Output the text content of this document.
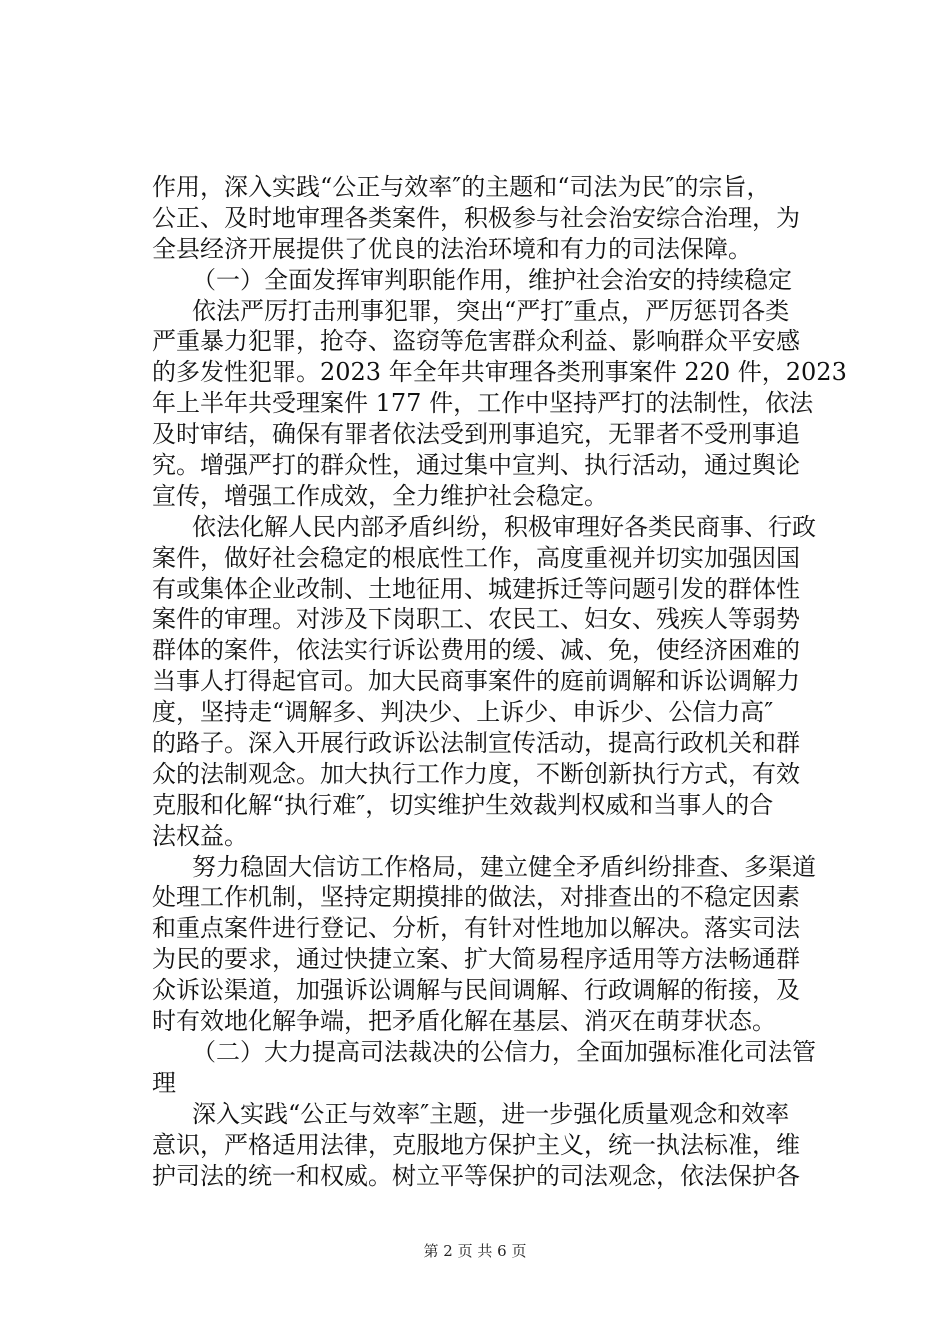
作用，深入实践“公正与效率″的主题和“司法为民″的宗旨，
公正、及时地审理各类案件，积极参与社会治安综合治理，为
全县经济开展提供了优良的法治环境和有力的司法保障。
（一）全面发挥审判职能作用，维护社会治安的持续稳定
依法严厉打击刑事犯罪，突出“严打″重点，严厉惩罚各类
严重暴力犯罪，抢夺、盗窃等危害群众利益、影响群众平安感
的多发性犯罪。2023 年全年共审理各类刑事案件 220 件，2023
年上半年共受理案件 177 件，工作中坚持严打的法制性，依法
及时审结，确保有罪者依法受到刑事追究，无罪者不受刑事追
究。增强严打的群众性，通过集中宣判、执行活动，通过舆论
宣传，增强工作成效，全力维护社会稳定。
依法化解人民内部矛盾纠纷，积极审理好各类民商事、行政
案件，做好社会稳定的根底性工作，高度重视并切实加强因国
有或集体企业改制、土地征用、城建拆迁等问题引发的群体性
案件的审理。对涉及下岗职工、农民工、妇女、残疾人等弱势
群体的案件，依法实行诉讼费用的缓、减、免，使经济困难的
当事人打得起官司。加大民商事案件的庭前调解和诉讼调解力
度，坚持走“调解多、判决少、上诉少、申诉少、公信力高″
的路子。深入开展行政诉讼法制宣传活动，提高行政机关和群
众的法制观念。加大执行工作力度，不断创新执行方式，有效
克服和化解“执行难″，切实维护生效裁判权威和当事人的合
法权益。
努力稳固大信访工作格局，建立健全矛盾纠纷排查、多渠道
处理工作机制，坚持定期摸排的做法，对排查出的不稳定因素
和重点案件进行登记、分析，有针对性地加以解决。落实司法
为民的要求，通过快捷立案、扩大简易程序适用等方法畅通群
众诉讼渠道，加强诉讼调解与民间调解、行政调解的衔接，及
时有效地化解争端，把矛盾化解在基层、消灭在萌芽状态。
（二）大力提高司法裁决的公信力，全面加强标准化司法管
理
深入实践“公正与效率″主题，进一步强化质量观念和效率
意识，严格适用法律，克服地方保护主义，统一执法标准，维
护司法的统一和权威。树立平等保护的司法观念，依法保护各
第 2 页 共 6 页
